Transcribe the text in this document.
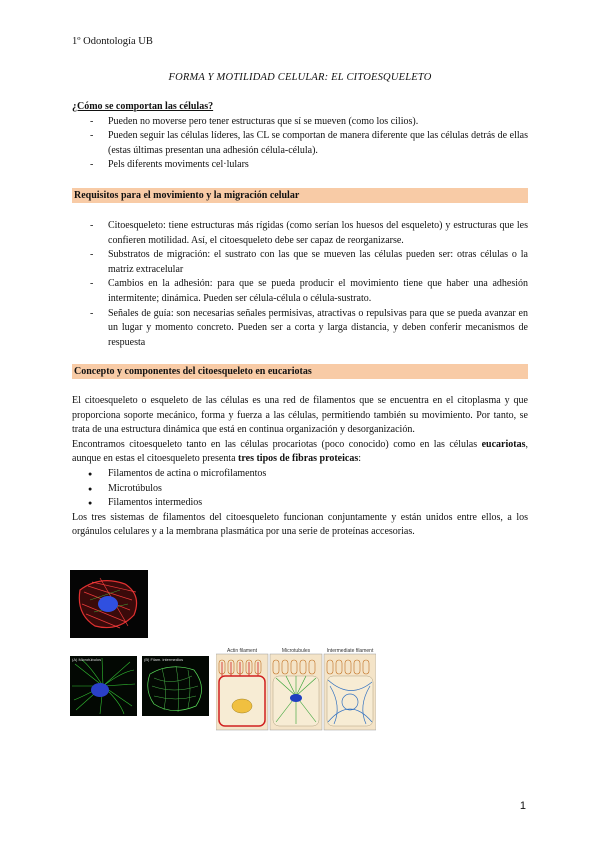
1º Odontología UB
FORMA Y MOTILIDAD CELULAR: EL CITOESQUELETO
¿Cómo se comportan las células?
- Pueden no moverse pero tener estructuras que sí se mueven (como los cilios).
- Pueden seguir las células líderes, las CL se comportan de manera diferente que las células detrás de ellas (estas últimas presentan una adhesión célula-célula).
- Pels diferents moviments cel·lulars
Requisitos para el movimiento y la migración celular
- Citoesqueleto: tiene estructuras más rígidas (como serían los huesos del esqueleto) y estructuras que les confieren motilidad. Así, el citoesqueleto debe ser capaz de reorganizarse.
- Substratos de migración: el sustrato con las que se mueven las células pueden ser: otras células o la matriz extracelular
- Cambios en la adhesión: para que se pueda producir el movimiento tiene que haber una adhesión intermitente; dinámica. Pueden ser célula-célula o célula-sustrato.
- Señales de guía: son necesarias señales permisivas, atractivas o repulsivas para que se pueda avanzar en un lugar y momento concreto. Pueden ser a corta y larga distancia, y deben conferir mecanismos de respuesta
Concepto y componentes del citoesqueleto en eucariotas

El citoesqueleto o esqueleto de las células es una red de filamentos que se encuentra en el citoplasma y que proporciona soporte mecánico, forma y fuerza a las células, permitiendo también su movimiento. Por tanto, se trata de una estructura dinámica que está en continua organización y desorganización.

Encontramos citoesqueleto tanto en las células procariotas (poco conocido) como en las células eucariotas, aunque en estas el citoesqueleto presenta tres tipos de fibras proteicas:

● Filamentos de actina o microfilamentos
● Microtúbulos
● Filamentos intermedios

Los tres sistemas de filamentos del citoesqueleto funcionan conjuntamente y están unidos entre ellos, a los orgánulos celulares y a la membrana plasmática por una serie de proteínas accesorias.

(A) Microtúbulos	(B) Filam. intermedios
Actin filament	Microtubules	Intermediate filament
1
